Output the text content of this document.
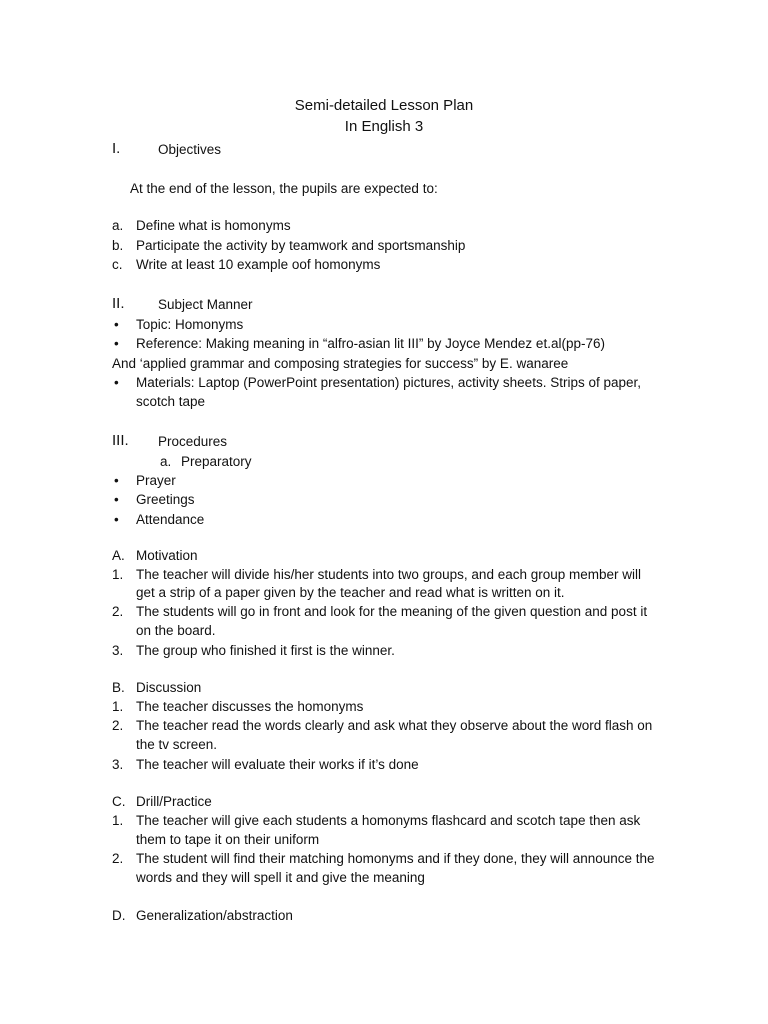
Semi-detailed Lesson Plan
In English 3
I.	Objectives
At the end of the lesson, the pupils are expected to:
a. Define what is homonyms
b. Participate the activity by teamwork and sportsmanship
c. Write at least 10 example oof homonyms
II. Subject Manner
• Topic: Homonyms
• Reference: Making meaning in “alfro-asian lit III” by Joyce Mendez et.al(pp-76)
And ‘applied grammar and composing strategies for success” by E. wanaree
• Materials: Laptop (PowerPoint presentation) pictures, activity sheets. Strips of paper,
scotch tape
III. Procedures
a. Preparatory
• Prayer
• Greetings
• Attendance
A. Motivation
1. The teacher will divide his/her students into two groups, and each group member will
get a strip of a paper given by the teacher and read what is written on it.
2. The students will go in front and look for the meaning of the given question and post it
on the board.
3. The group who finished it first is the winner.
B. Discussion
1. The teacher discusses the homonyms
2. The teacher read the words clearly and ask what they observe about the word flash on
the tv screen.
3. The teacher will evaluate their works if it’s done
C. Drill/Practice
1. The teacher will give each students a homonyms flashcard and scotch tape then ask
them to tape it on their uniform
2. The student will find their matching homonyms and if they done, they will announce the
words and they will spell it and give the meaning
D. Generalization/abstraction
